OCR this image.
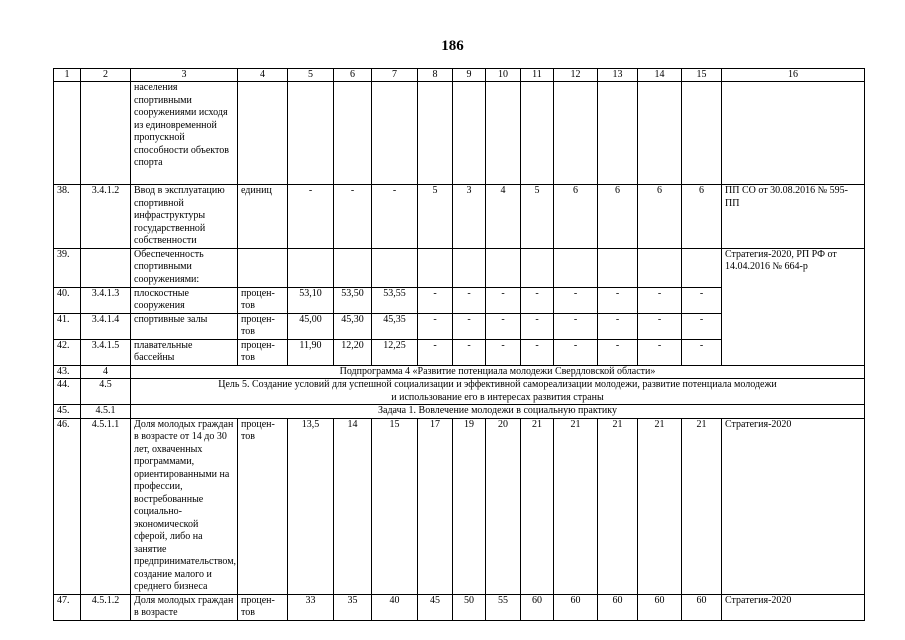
186
1	2	3	4	5	6	7	8	9	10	11	12	13	14	15	16
		населения спортивными сооружениями исходя из единовременной пропускной способности объектов спорта													
38.	3.4.1.2	Ввод в эксплуатацию спортивной инфраструктуры государственной собственности	единиц	-	-	-	5	3	4	5	6	6	6	6	ПП СО от 30.08.2016 № 595-ПП
39.		Обеспеченность спортивными сооружениями:													Стратегия-2020, РП РФ от 14.04.2016 № 664-р
40.	3.4.1.3	плоскостные сооружения	процен-тов	53,10	53,50	53,55	-	-	-	-	-	-	-	-	
41.	3.4.1.4	спортивные залы	процен-тов	45,00	45,30	45,35	-	-	-	-	-	-	-	-	
42.	3.4.1.5	плавательные бассейны	процен-тов	11,90	12,20	12,25	-	-	-	-	-	-	-	-	
43.	4	Подпрограмма 4 «Развитие потенциала молодежи Свердловской области»													
44.	4.5	Цель 5. Создание условий для успешной социализации и эффективной самореализации молодежи, развитие потенциала молодежи
и использование его в интересах развития страны													

45.	4.5.1	Задача 1. Вовлечение молодежи в социальную практику													
46.	4.5.1.1	Доля молодых граждан в возрасте от 14 до 30 лет, охваченных программами, ориентированными на профессии, востребованные социально-экономической сферой, либо на занятие предпринимательством, создание малого и среднего бизнеса	процен-тов	13,5	14	15	17	19	20	21	21	21	21	21	Стратегия-2020
47.	4.5.1.2	Доля молодых граждан в возрасте	процен-тов	33	35	40	45	50	55	60	60	60	60	60	Стратегия-2020
